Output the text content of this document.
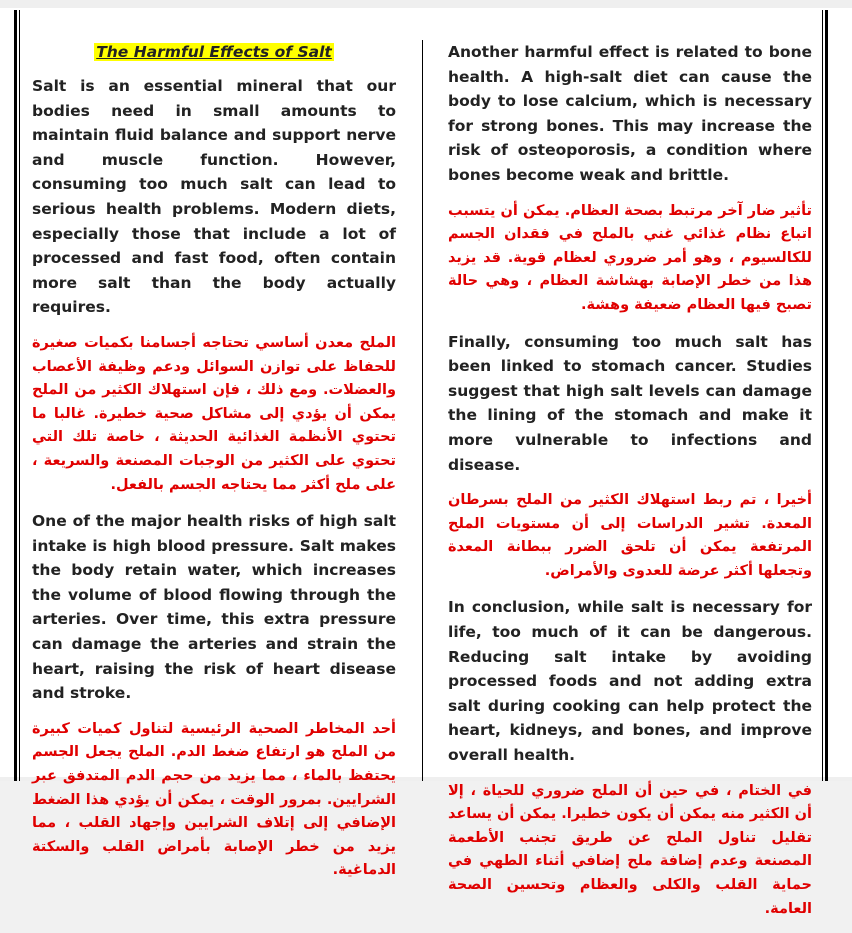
The Harmful Effects of Salt

Salt is an essential mineral that our bodies need in small amounts to maintain fluid balance and support nerve and muscle function. However, consuming too much salt can lead to serious health problems. Modern diets, especially those that include a lot of processed and fast food, often contain more salt than the body actually requires.

الملح معدن أساسي تحتاجه أجسامنا بكميات صغيرة للحفاظ على توازن السوائل ودعم وظيفة الأعصاب والعضلات. ومع ذلك ، فإن استهلاك الكثير من الملح يمكن أن يؤدي إلى مشاكل صحية خطيرة. غالبا ما تحتوي الأنظمة الغذائية الحديثة ، خاصة تلك التي تحتوي على الكثير من الوجبات المصنعة والسريعة ، على ملح أكثر مما يحتاجه الجسم بالفعل.

One of the major health risks of high salt intake is high blood pressure. Salt makes the body retain water, which increases the volume of blood flowing through the arteries. Over time, this extra pressure can damage the arteries and strain the heart, raising the risk of heart disease and stroke.

أحد المخاطر الصحية الرئيسية لتناول كميات كبيرة من الملح هو ارتفاع ضغط الدم. الملح يجعل الجسم يحتفظ بالماء ، مما يزيد من حجم الدم المتدفق عبر الشرايين. بمرور الوقت ، يمكن أن يؤدي هذا الضغط الإضافي إلى إتلاف الشرايين وإجهاد القلب ، مما يزيد من خطر الإصابة بأمراض القلب والسكتة الدماغية.

Another harmful effect is related to bone health. A high-salt diet can cause the body to lose calcium, which is necessary for strong bones. This may increase the risk of osteoporosis, a condition where bones become weak and brittle.

تأثير ضار آخر مرتبط بصحة العظام. يمكن أن يتسبب اتباع نظام غذائي غني بالملح في فقدان الجسم للكالسيوم ، وهو أمر ضروري لعظام قوية. قد يزيد هذا من خطر الإصابة بهشاشة العظام ، وهي حالة تصبح فيها العظام ضعيفة وهشة.

Finally, consuming too much salt has been linked to stomach cancer. Studies suggest that high salt levels can damage the lining of the stomach and make it more vulnerable to infections and disease.

أخيرا ، تم ربط استهلاك الكثير من الملح بسرطان المعدة. تشير الدراسات إلى أن مستويات الملح المرتفعة يمكن أن تلحق الضرر ببطانة المعدة وتجعلها أكثر عرضة للعدوى والأمراض.

In conclusion, while salt is necessary for life, too much of it can be dangerous. Reducing salt intake by avoiding processed foods and not adding extra salt during cooking can help protect the heart, kidneys, and bones, and improve overall health.

في الختام ، في حين أن الملح ضروري للحياة ، إلا أن الكثير منه يمكن أن يكون خطيرا. يمكن أن يساعد تقليل تناول الملح عن طريق تجنب الأطعمة المصنعة وعدم إضافة ملح إضافي أثناء الطهي في حماية القلب والكلى والعظام وتحسين الصحة العامة.
